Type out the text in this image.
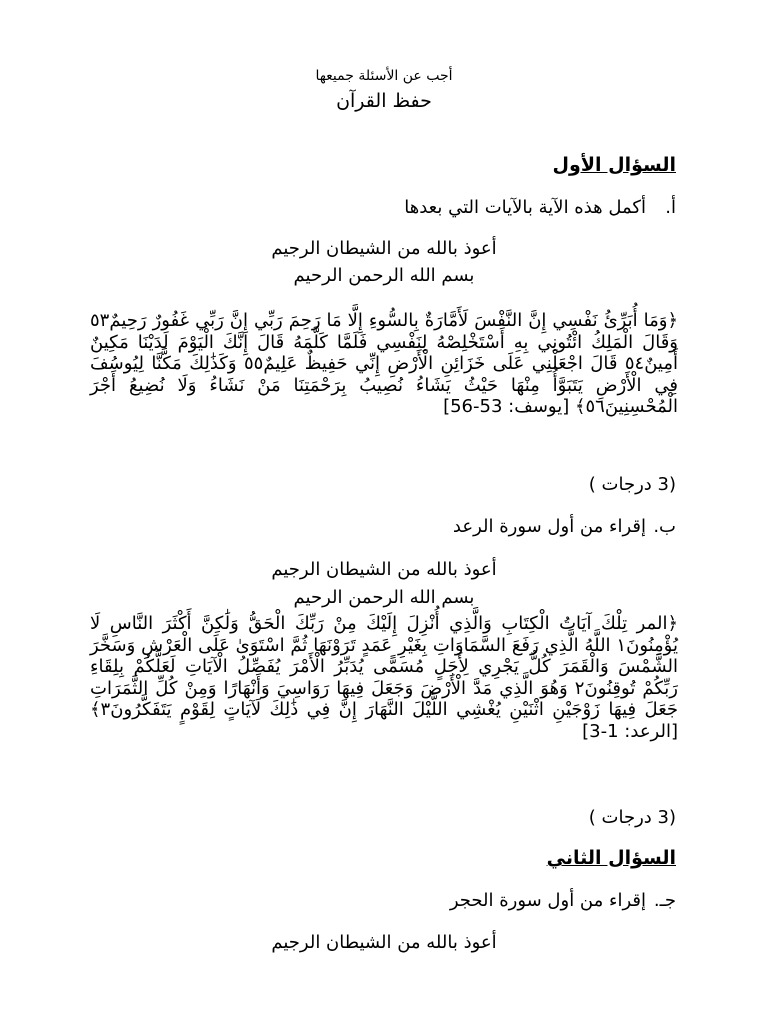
أجب عن الأسئلة جميعها
حفظ القرآن
السؤال الأول
أ.أكمل هذه الآية بالآيات التي بعدها
أعوذ بالله من الشيطان الرجيم
بسم الله الرحمن الرحيم
﴿وَمَا أُبَرِّئُ نَفْسِي إِنَّ النَّفْسَ لَأَمَّارَةٌ بِالسُّوءِ إِلَّا مَا رَحِمَ رَبِّي إِنَّ رَبِّي غَفُورٌ رَحِيمٌ٥٣ وَقَالَ الْمَلِكُ ائْتُونِي بِهِ أَسْتَخْلِصْهُ لِنَفْسِي فَلَمَّا كَلَّمَهُ قَالَ إِنَّكَ الْيَوْمَ لَدَيْنَا مَكِينٌ أَمِينٌ٥٤ قَالَ اجْعَلْنِي عَلَى خَزَائِنِ الْأَرْضِ إِنِّي حَفِيظٌ عَلِيمٌ٥٥ وَكَذَٰلِكَ مَكَّنَّا لِيُوسُفَ فِي الْأَرْضِ يَتَبَوَّأُ مِنْهَا حَيْثُ يَشَاءُ نُصِيبُ بِرَحْمَتِنَا مَنْ نَشَاءُ وَلَا نُضِيعُ أَجْرَ الْمُحْسِنِينَ٥٦﴾ [يوسف: 53-56]
(3 درجات )
ب.إقراء من أول سورة الرعد
أعوذ بالله من الشيطان الرجيم
بسم الله الرحمن الرحيم
﴿المر تِلْكَ آيَاتُ الْكِتَابِ وَالَّذِي أُنْزِلَ إِلَيْكَ مِنْ رَبِّكَ الْحَقُّ وَلَٰكِنَّ أَكْثَرَ النَّاسِ لَا يُؤْمِنُونَ١ اللَّهُ الَّذِي رَفَعَ السَّمَاوَاتِ بِغَيْرِ عَمَدٍ تَرَوْنَهَا ثُمَّ اسْتَوَىٰ عَلَى الْعَرْشِ وَسَخَّرَ الشَّمْسَ وَالْقَمَرَ كُلٌّ يَجْرِي لِأَجَلٍ مُسَمًّى يُدَبِّرُ الْأَمْرَ يُفَصِّلُ الْآيَاتِ لَعَلَّكُمْ بِلِقَاءِ رَبِّكُمْ تُوقِنُونَ٢ وَهُوَ الَّذِي مَدَّ الْأَرْضَ وَجَعَلَ فِيهَا رَوَاسِيَ وَأَنْهَارًا وَمِنْ كُلِّ الثَّمَرَاتِ جَعَلَ فِيهَا زَوْجَيْنِ اثْنَيْنِ يُغْشِي اللَّيْلَ النَّهَارَ إِنَّ فِي ذَٰلِكَ لَآيَاتٍ لِقَوْمٍ يَتَفَكَّرُونَ٣﴾ [الرعد: 1-3]
(3 درجات )
السؤال الثاني
جـ.إقراء من أول سورة الحجر
أعوذ بالله من الشيطان الرجيم
